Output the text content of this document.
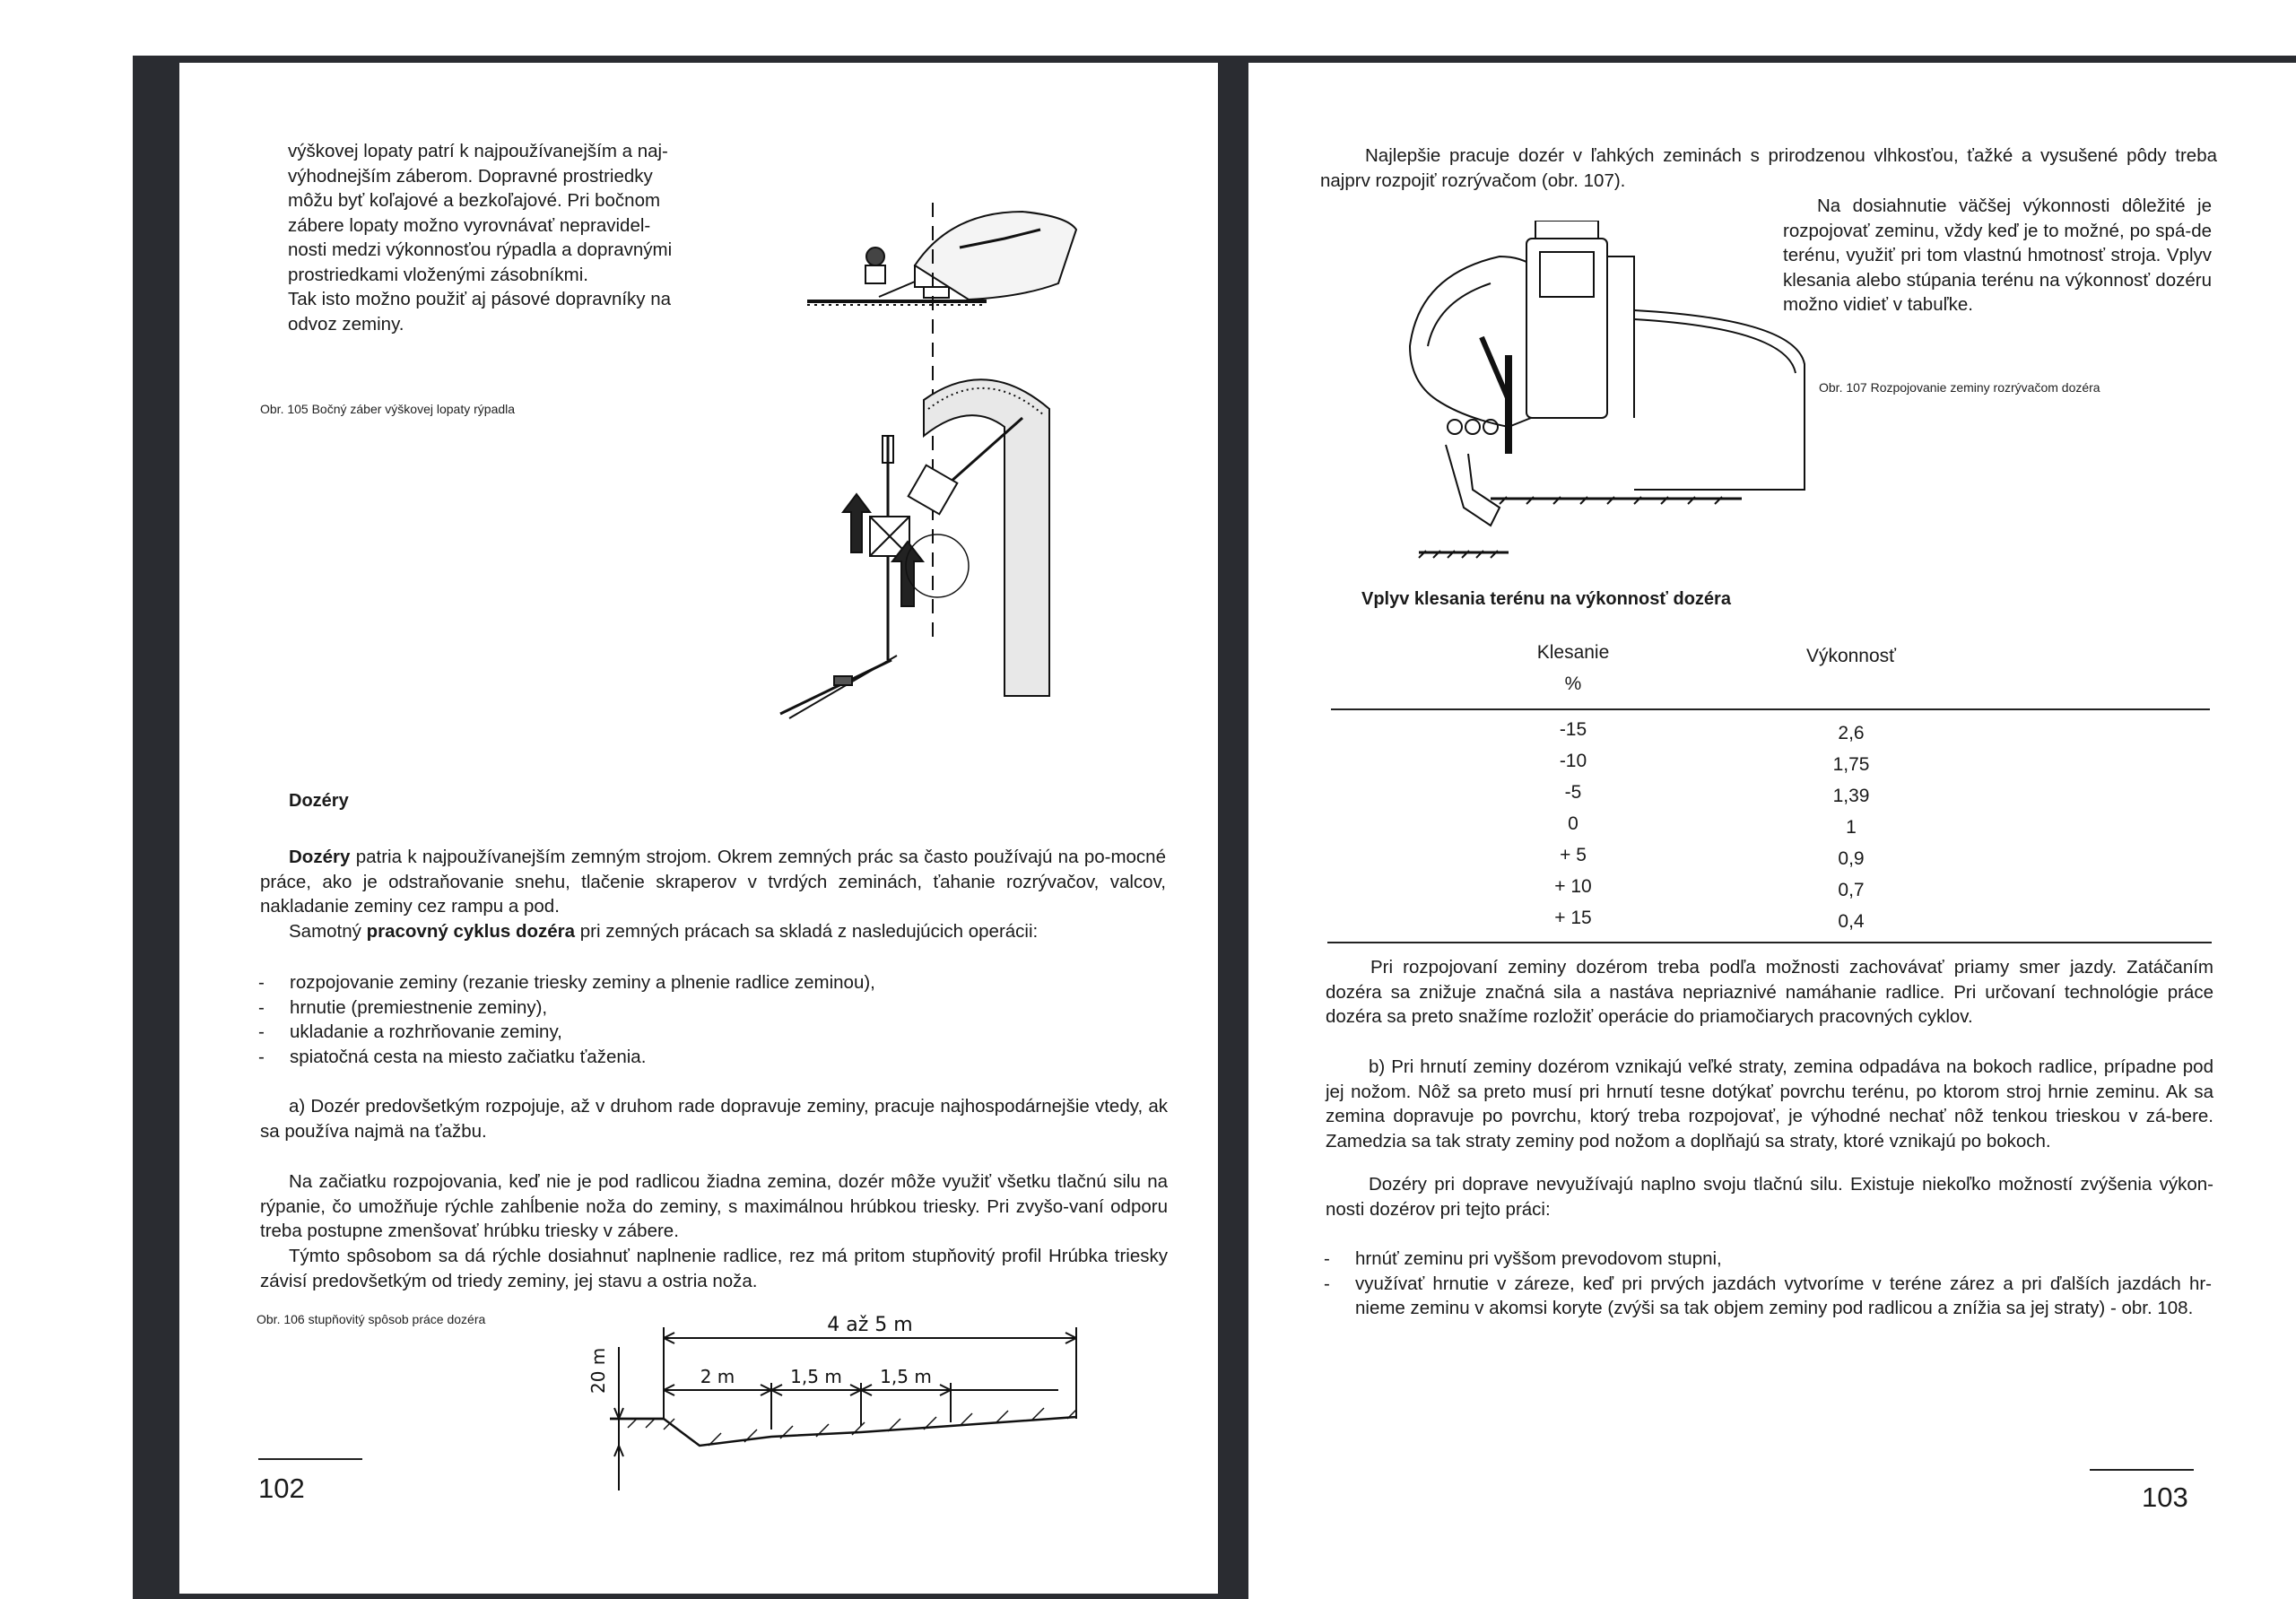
výškovej lopaty patrí k najpoužívanejším a naj-
výhodnejším záberom. Dopravné prostriedky
môžu byť koľajové a bezkoľajové. Pri bočnom
zábere lopaty možno vyrovnávať nepravidel-
nosti medzi výkonnosťou rýpadla a dopravnými
prostriedkami vloženými zásobníkmi.
Tak isto možno použiť aj pásové dopravníky na
odvoz zeminy.
Obr. 105 Bočný záber výškovej lopaty rýpadla
Dozéry
Dozéry patria k najpoužívanejším zemným strojom. Okrem zemných prác sa často používajú na po-mocné práce, ako je odstraňovanie snehu, tlačenie skraperov v tvrdých zeminách, ťahanie rozrývačov, valcov, nakladanie zeminy cez rampu a pod.
Samotný pracovný cyklus dozéra pri zemných prácach sa skladá z nasledujúcich operácii:
- rozpojovanie zeminy (rezanie triesky zeminy a plnenie radlice zeminou),
- hrnutie (premiestnenie zeminy),
- ukladanie a rozhrňovanie zeminy,
- spiatočná cesta na miesto začiatku ťaženia.
a) Dozér predovšetkým rozpojuje, až v druhom rade dopravuje zeminy, pracuje najhospodárnejšie vtedy, ak sa používa najmä na ťažbu.
Na začiatku rozpojovania, keď nie je pod radlicou žiadna zemina, dozér môže využiť všetku tlačnú silu na rýpanie, čo umožňuje rýchle zahĺbenie noža do zeminy, s maximálnou hrúbkou triesky. Pri zvyšo-vaní odporu treba postupne zmenšovať hrúbku triesky v zábere.
Týmto spôsobom sa dá rýchle dosiahnuť naplnenie radlice, rez má pritom stupňovitý profil Hrúbka triesky závisí predovšetkým od triedy zeminy, jej stavu a ostria noža.
Obr. 106 stupňovitý spôsob práce dozéra	4 až 5 m
2 m	1,5 m 1,5 m
20 m
102
Najlepšie pracuje dozér v ľahkých zeminách s prirodzenou vlhkosťou, ťažké a vysušené pôdy treba najprv rozpojiť rozrývačom (obr. 107).
Na dosiahnutie väčšej výkonnosti dôležité je rozpojovať zeminu, vždy keď je to možné, po spá-de terénu, využiť pri tom vlastnú hmotnosť stroja. Vplyv klesania alebo stúpania terénu na výkonnosť dozéru možno vidieť v tabuľke.
Obr. 107 Rozpojovanie zeminy rozrývačom dozéra
Vplyv klesania terénu na výkonnosť dozéra
Klesanie
%
Výkonnosť
-15
-10
-5
0
+ 5
+ 10
+ 15
2,6
1,75
1,39
1
0,9
0,7
0,4
Pri rozpojovaní zeminy dozérom treba podľa možnosti zachovávať priamy smer jazdy. Zatáčaním dozéra sa znižuje značná sila a nastáva nepriaznivé namáhanie radlice. Pri určovaní technológie práce dozéra sa preto snažíme rozložiť operácie do priamočiarych pracovných cyklov.
b) Pri hrnutí zeminy dozérom vznikajú veľké straty, zemina odpadáva na bokoch radlice, prípadne pod jej nožom. Nôž sa preto musí pri hrnutí tesne dotýkať povrchu terénu, po ktorom stroj hrnie zeminu. Ak sa zemina dopravuje po povrchu, ktorý treba rozpojovať, je výhodné nechať nôž tenkou trieskou v zá-bere. Zamedzia sa tak straty zeminy pod nožom a doplňajú sa straty, ktoré vznikajú po bokoch.
Dozéry pri doprave nevyužívajú naplno svoju tlačnú silu. Existuje niekoľko možností zvýšenia výkon-nosti dozérov pri tejto práci:
- hrnúť zeminu pri vyššom prevodovom stupni,
- využívať hrnutie v zárezе, keď pri prvých jazdách vytvoríme v teréne zárez a pri ďalších jazdách hr-nieme zeminu v akomsi koryte (zvýši sa tak objem zeminy pod radlicou a znížia sa jej straty) - obr. 108.
103
